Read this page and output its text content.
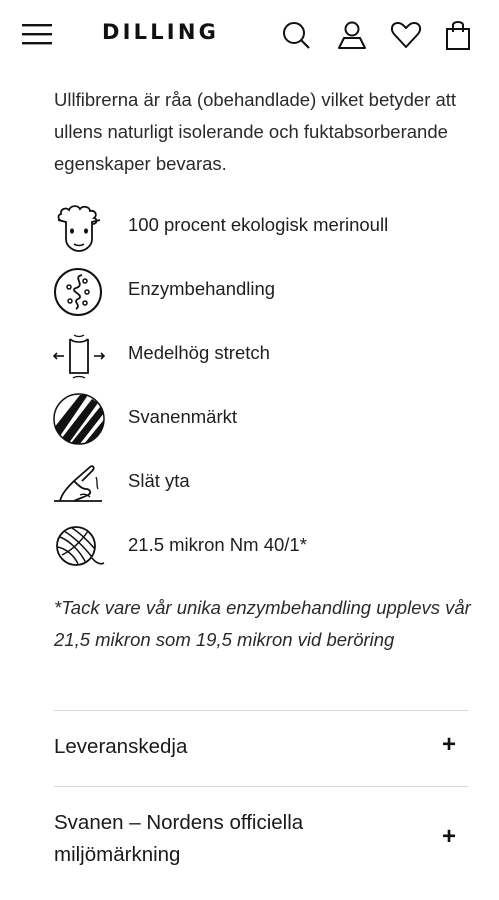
DILLING

Ullfibrerna är råa (obehandlade) vilket betyder att ullens naturligt isolerande och fuktabsorberande egenskaper bevaras.

100 procent ekologisk merinoull
Enzymbehandling
Medelhög stretch
Svanenmärkt
Slät yta
21.5 mikron Nm 40/1*

*Tack vare vår unika enzymbehandling upplevs vår 21,5 mikron som 19,5 mikron vid beröring

Leveranskedja	+
Svanen – Nordens officiella miljömärkning
+
